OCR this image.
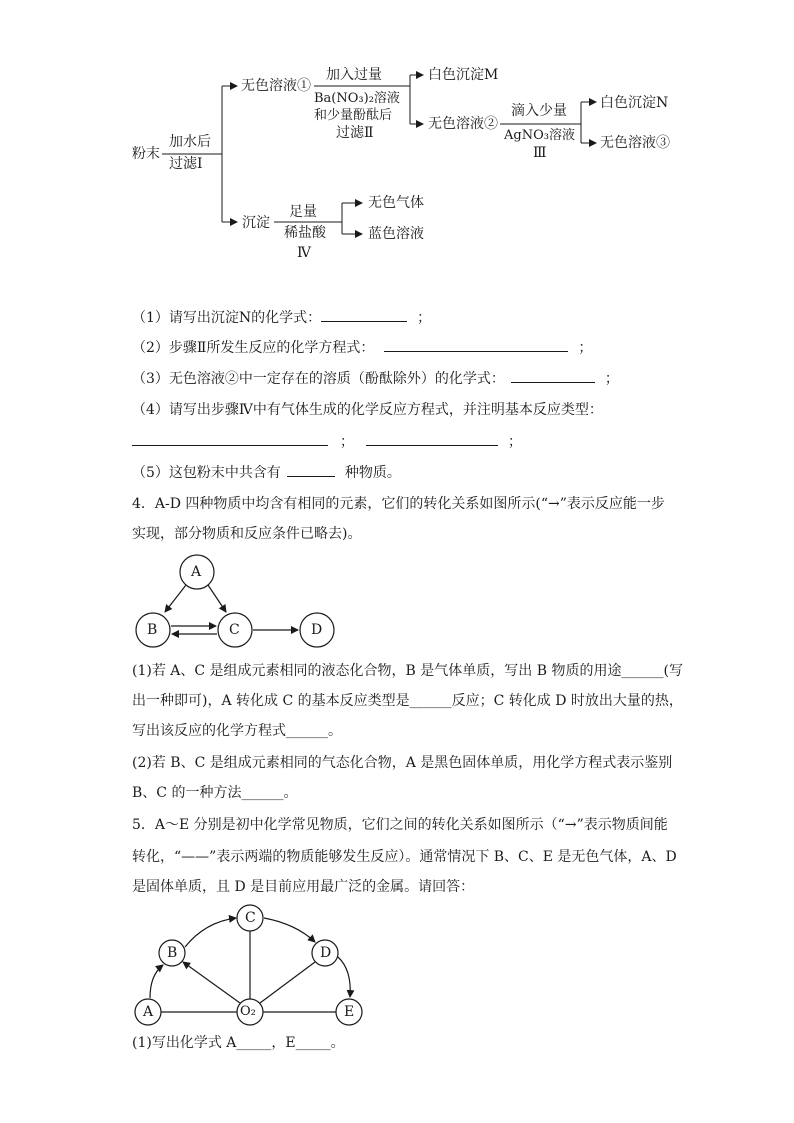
粉末
加水后
过滤Ⅰ
无色溶液①
加入过量
Ba(NO₃)₂溶液
和少量酚酞后
过滤Ⅱ
白色沉淀M
无色溶液②
滴入少量
AgNO₃溶液
Ⅲ
白色沉淀N
无色溶液③
沉淀
足量
稀盐酸
Ⅳ
无色气体
蓝色溶液
（1）请写出沉淀N的化学式：	；
（2）步骤Ⅱ所发生反应的化学方程式：	；
（3）无色溶液②中一定存在的溶质（酚酞除外）的化学式：	；
（4）请写出步骤Ⅳ中有气体生成的化学反应方程式，并注明基本反应类型：
；	；
（5）这包粉末中共含有	种物质。
4．A-D 四种物质中均含有相同的元素，它们的转化关系如图所示(“→”表示反应能一步
实现，部分物质和反应条件已略去)。
A
B	C	D
(1)若 A、C 是组成元素相同的液态化合物，B 是气体单质，写出 B 物质的用途______(写
出一种即可)，A 转化成 C 的基本反应类型是______反应；C 转化成 D 时放出大量的热，
写出该反应的化学方程式______。
(2)若 B、C 是组成元素相同的气态化合物，A 是黑色固体单质，用化学方程式表示鉴别
B、C 的一种方法______。
5．A～E 分别是初中化学常见物质，它们之间的转化关系如图所示（“→”表示物质间能
转化，“——”表示两端的物质能够发生反应）。通常情况下 B、C、E 是无色气体，A、D
是固体单质，且 D 是目前应用最广泛的金属。请回答：
A
B
C
D
E
O₂
(1)写出化学式 A_____，E_____。
